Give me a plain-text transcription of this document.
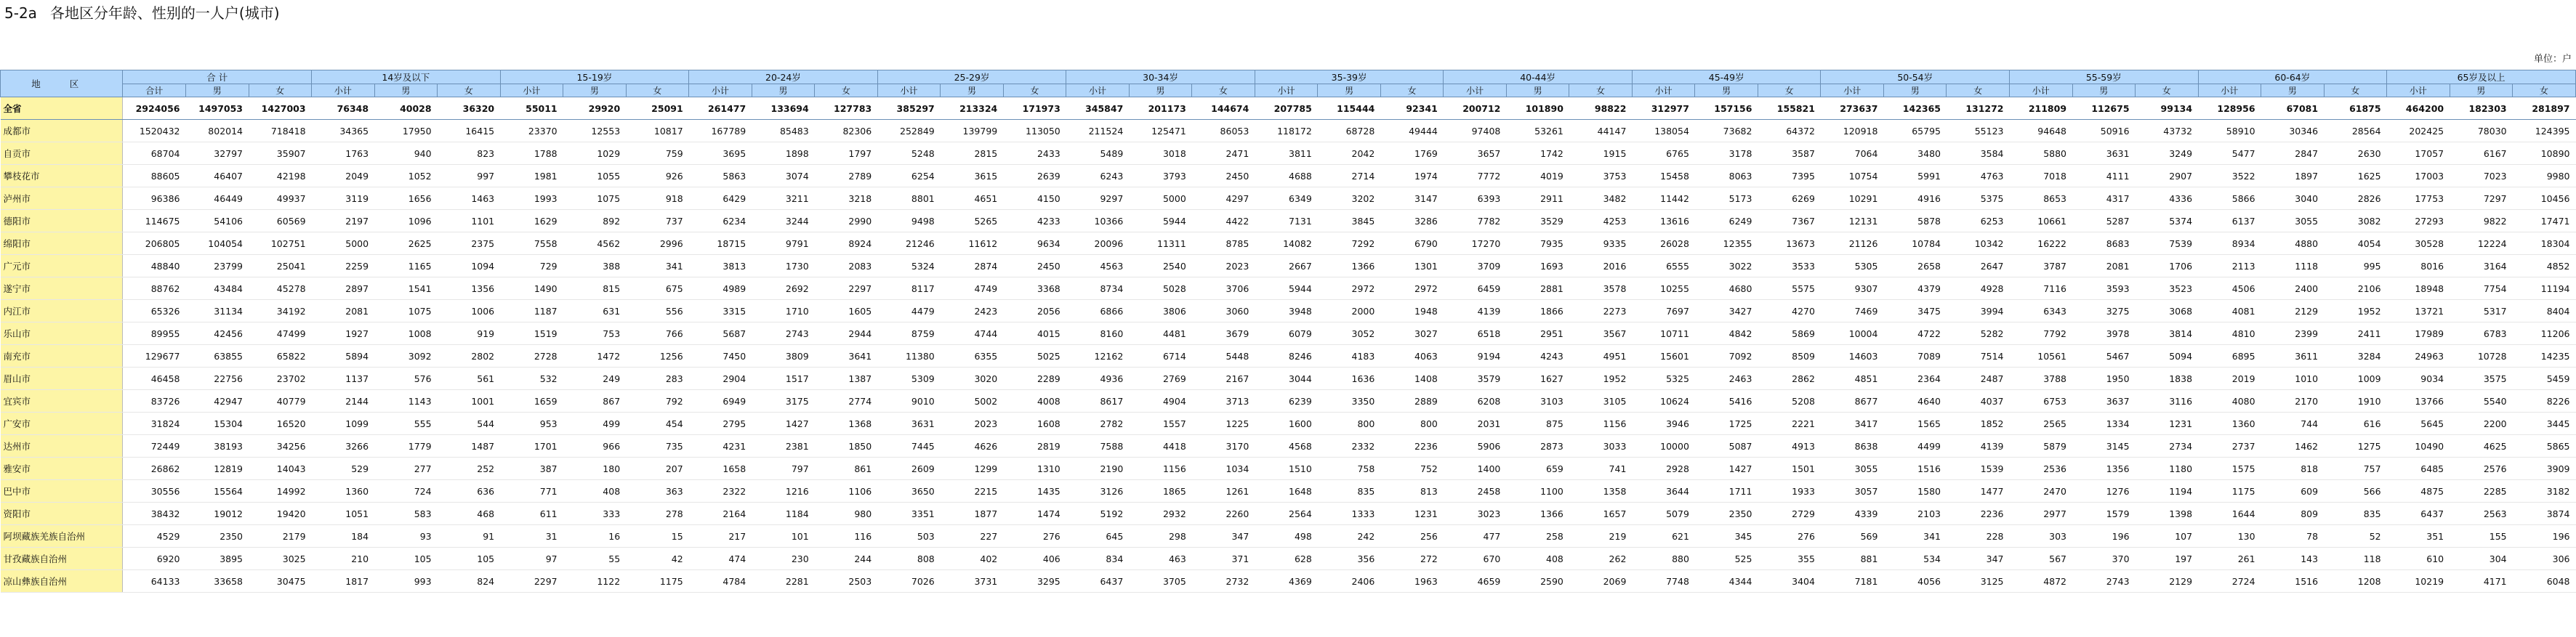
5-2a 各地区分年龄、性别的一人户(城市)
单位：户
地 区	合 计			14岁及以下			15-19岁			20-24岁			25-29岁			30-34岁			35-39岁			40-44岁			45-49岁			50-54岁			55-59岁			60-64岁			65岁及以上		
	合计	男	女	小计	男	女	小计	男	女	小计	男	女	小计	男	女	小计	男	女	小计	男	女	小计	男	女	小计	男	女	小计	男	女	小计	男	女	小计	男	女	小计	男	女
全省	2924056	1497053	1427003	76348	40028	36320	55011	29920	25091	261477	133694	127783	385297	213324	171973	345847	201173	144674	207785	115444	92341	200712	101890	98822	312977	157156	155821	273637	142365	131272	211809	112675	99134	128956	67081	61875	464200	182303	281897
成都市	1520432	802014	718418	34365	17950	16415	23370	12553	10817	167789	85483	82306	252849	139799	113050	211524	125471	86053	118172	68728	49444	97408	53261	44147	138054	73682	64372	120918	65795	55123	94648	50916	43732	58910	30346	28564	202425	78030	124395
自贡市	68704	32797	35907	1763	940	823	1788	1029	759	3695	1898	1797	5248	2815	2433	5489	3018	2471	3811	2042	1769	3657	1742	1915	6765	3178	3587	7064	3480	3584	5880	3631	3249	5477	2847	2630	17057	6167	10890
攀枝花市	88605	46407	42198	2049	1052	997	1981	1055	926	5863	3074	2789	6254	3615	2639	6243	3793	2450	4688	2714	1974	7772	4019	3753	15458	8063	7395	10754	5991	4763	7018	4111	2907	3522	1897	1625	17003	7023	9980
泸州市	96386	46449	49937	3119	1656	1463	1993	1075	918	6429	3211	3218	8801	4651	4150	9297	5000	4297	6349	3202	3147	6393	2911	3482	11442	5173	6269	10291	4916	5375	8653	4317	4336	5866	3040	2826	17753	7297	10456
德阳市	114675	54106	60569	2197	1096	1101	1629	892	737	6234	3244	2990	9498	5265	4233	10366	5944	4422	7131	3845	3286	7782	3529	4253	13616	6249	7367	12131	5878	6253	10661	5287	5374	6137	3055	3082	27293	9822	17471
绵阳市	206805	104054	102751	5000	2625	2375	7558	4562	2996	18715	9791	8924	21246	11612	9634	20096	11311	8785	14082	7292	6790	17270	7935	9335	26028	12355	13673	21126	10784	10342	16222	8683	7539	8934	4880	4054	30528	12224	18304
广元市	48840	23799	25041	2259	1165	1094	729	388	341	3813	1730	2083	5324	2874	2450	4563	2540	2023	2667	1366	1301	3709	1693	2016	6555	3022	3533	5305	2658	2647	3787	2081	1706	2113	1118	995	8016	3164	4852
遂宁市	88762	43484	45278	2897	1541	1356	1490	815	675	4989	2692	2297	8117	4749	3368	8734	5028	3706	5944	2972	2972	6459	2881	3578	10255	4680	5575	9307	4379	4928	7116	3593	3523	4506	2400	2106	18948	7754	11194
内江市	65326	31134	34192	2081	1075	1006	1187	631	556	3315	1710	1605	4479	2423	2056	6866	3806	3060	3948	2000	1948	4139	1866	2273	7697	3427	4270	7469	3475	3994	6343	3275	3068	4081	2129	1952	13721	5317	8404
乐山市	89955	42456	47499	1927	1008	919	1519	753	766	5687	2743	2944	8759	4744	4015	8160	4481	3679	6079	3052	3027	6518	2951	3567	10711	4842	5869	10004	4722	5282	7792	3978	3814	4810	2399	2411	17989	6783	11206
南充市	129677	63855	65822	5894	3092	2802	2728	1472	1256	7450	3809	3641	11380	6355	5025	12162	6714	5448	8246	4183	4063	9194	4243	4951	15601	7092	8509	14603	7089	7514	10561	5467	5094	6895	3611	3284	24963	10728	14235
眉山市	46458	22756	23702	1137	576	561	532	249	283	2904	1517	1387	5309	3020	2289	4936	2769	2167	3044	1636	1408	3579	1627	1952	5325	2463	2862	4851	2364	2487	3788	1950	1838	2019	1010	1009	9034	3575	5459
宜宾市	83726	42947	40779	2144	1143	1001	1659	867	792	6949	3175	2774	9010	5002	4008	8617	4904	3713	6239	3350	2889	6208	3103	3105	10624	5416	5208	8677	4640	4037	6753	3637	3116	4080	2170	1910	13766	5540	8226
广安市	31824	15304	16520	1099	555	544	953	499	454	2795	1427	1368	3631	2023	1608	2782	1557	1225	1600	800	800	2031	875	1156	3946	1725	2221	3417	1565	1852	2565	1334	1231	1360	744	616	5645	2200	3445
达州市	72449	38193	34256	3266	1779	1487	1701	966	735	4231	2381	1850	7445	4626	2819	7588	4418	3170	4568	2332	2236	5906	2873	3033	10000	5087	4913	8638	4499	4139	5879	3145	2734	2737	1462	1275	10490	4625	5865
雅安市	26862	12819	14043	529	277	252	387	180	207	1658	797	861	2609	1299	1310	2190	1156	1034	1510	758	752	1400	659	741	2928	1427	1501	3055	1516	1539	2536	1356	1180	1575	818	757	6485	2576	3909
巴中市	30556	15564	14992	1360	724	636	771	408	363	2322	1216	1106	3650	2215	1435	3126	1865	1261	1648	835	813	2458	1100	1358	3644	1711	1933	3057	1580	1477	2470	1276	1194	1175	609	566	4875	2285	3182
资阳市	38432	19012	19420	1051	583	468	611	333	278	2164	1184	980	3351	1877	1474	5192	2932	2260	2564	1333	1231	3023	1366	1657	5079	2350	2729	4339	2103	2236	2977	1579	1398	1644	809	835	6437	2563	3874
阿坝藏族羌族自治州	4529	2350	2179	184	93	91	31	16	15	217	101	116	503	227	276	645	298	347	498	242	256	477	258	219	621	345	276	569	341	228	303	196	107	130	78	52	351	155	196
甘孜藏族自治州	6920	3895	3025	210	105	105	97	55	42	474	230	244	808	402	406	834	463	371	628	356	272	670	408	262	880	525	355	881	534	347	567	370	197	261	143	118	610	304	306
凉山彝族自治州	64133	33658	30475	1817	993	824	2297	1122	1175	4784	2281	2503	7026	3731	3295	6437	3705	2732	4369	2406	1963	4659	2590	2069	7748	4344	3404	7181	4056	3125	4872	2743	2129	2724	1516	1208	10219	4171	6048
